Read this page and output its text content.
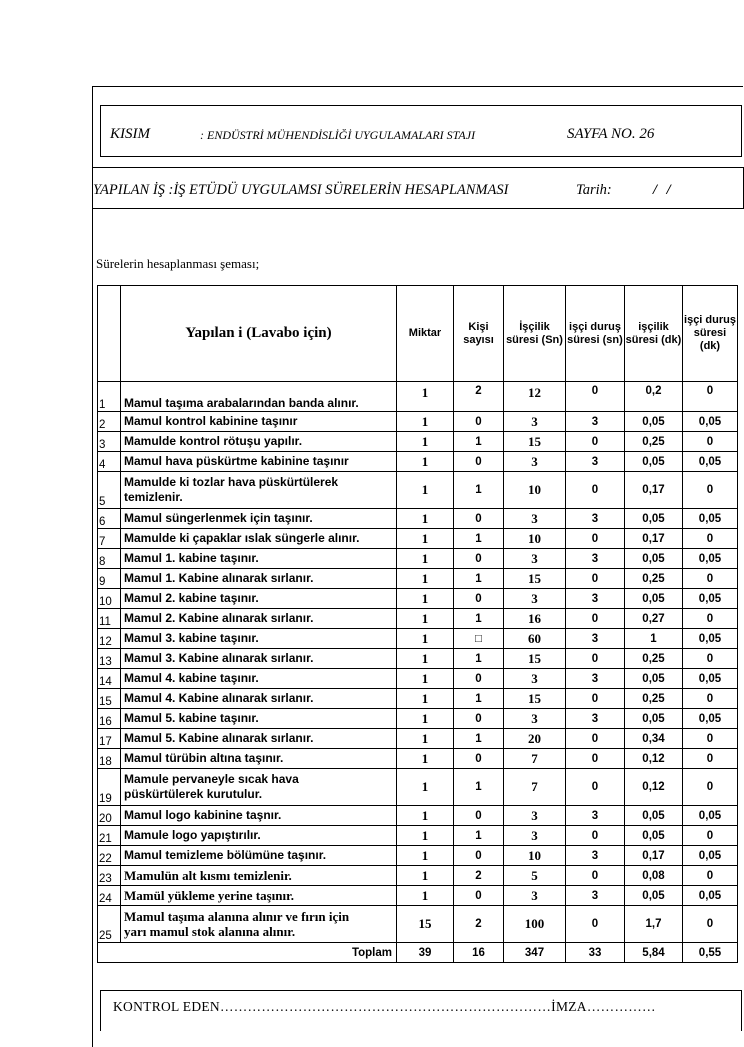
KISIM	: ENDÜSTRİ MÜHENDİSLİĞİ UYGULAMALARI STAJI	SAYFA NO. 26
YAPILAN İŞ :İŞ ETÜDÜ UYGULAMSI SÜRELERİN HESAPLANMASI	Tarih:	/ /
Sürelerin hesaplanması şeması;
	Yapılan i (Lavabo için)	Miktar	Kişi sayısı	İşçilik süresi (Sn)	işçi duruş süresi (sn)	işçilik süresi (dk)	işçi duruş süresi (dk)
1	Mamul taşıma arabalarından banda alınır.	1	2	12	0	0,2	0
2	Mamul kontrol kabinine taşınır	1	0	3	3	0,05	0,05
3	Mamulde kontrol rötuşu yapılır.	1	1	15	0	0,25	0
4	Mamul hava püskürtme kabinine taşınır	1	0	3	3	0,05	0,05
5	Mamulde ki tozlar hava püskürtülerek
temizlenir.	1	1	10	0	0,17	0
6	Mamul süngerlenmek için taşınır.	1	0	3	3	0,05	0,05
7	Mamulde ki çapaklar ıslak süngerle alınır.	1	1	10	0	0,17	0
8	Mamul 1. kabine taşınır.	1	0	3	3	0,05	0,05
9	Mamul 1. Kabine alınarak sırlanır.	1	1	15	0	0,25	0
10	Mamul 2. kabine taşınır.	1	0	3	3	0,05	0,05
11	Mamul 2. Kabine alınarak sırlanır.	1	1	16	0	0,27	0
12	Mamul 3. kabine taşınır.	1	□	60	3	1	0,05
13	Mamul 3. Kabine alınarak sırlanır.	1	1	15	0	0,25	0
14	Mamul 4. kabine taşınır.	1	0	3	3	0,05	0,05
15	Mamul 4. Kabine alınarak sırlanır.	1	1	15	0	0,25	0
16	Mamul 5. kabine taşınır.	1	0	3	3	0,05	0,05
17	Mamul 5. Kabine alınarak sırlanır.	1	1	20	0	0,34	0
18	Mamul türübin altına taşınır.	1	0	7	0	0,12	0
19	Mamule pervaneyle sıcak hava
püskürtülerek kurutulur.	1	1	7	0	0,12	0
20	Mamul logo kabinine taşnır.	1	0	3	3	0,05	0,05
21	Mamule logo yapıştırılır.	1	1	3	0	0,05	0
22	Mamul temizleme bölümüne taşınır.	1	0	10	3	0,17	0,05
23	Mamulün alt kısmı temizlenir.	1	2	5	0	0,08	0
24	Mamül yükleme yerine taşınır.	1	0	3	3	0,05	0,05
25	Mamul taşıma alanına alınır ve fırın için
yarı mamul stok alanına alınır.	15	2	100	0	1,7	0
Toplam		39	16	347	33	5,84	0,55
KONTROL EDEN………………………………………………………………İMZA……………
